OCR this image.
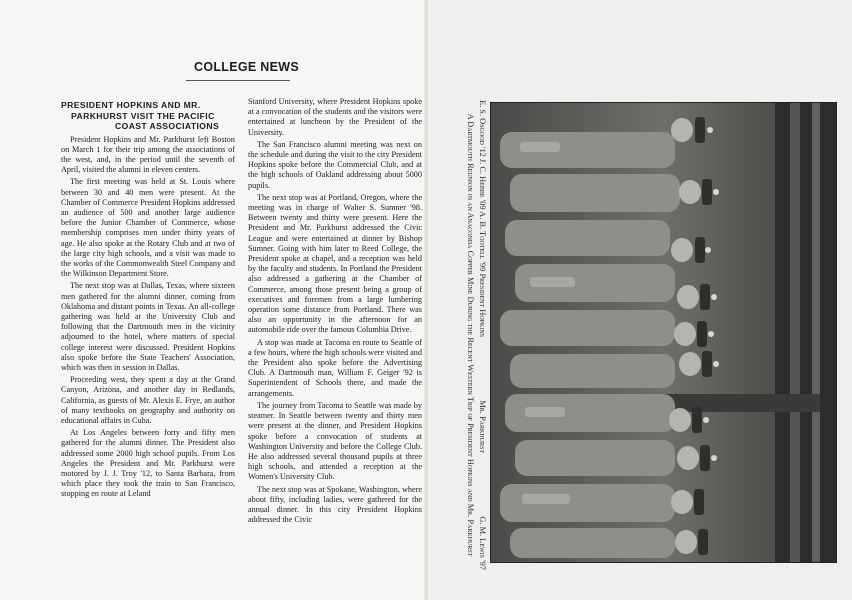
COLLEGE NEWS
PRESIDENT HOPKINS AND MR.
PARKHURST VISIT THE PACIFIC
COAST ASSOCIATIONS

President Hopkins and Mr. Parkhurst left Boston on March 1 for their trip among the associations of the west, and, in the period until the seventh of April, visited the alumni in eleven centers.

The first meeting was held at St. Louis where between 30 and 40 men were present. At the Chamber of Commerce President Hopkins addressed an audience of 500 and another large audience before the Junior Chamber of Commerce, whose membership comprises men under thirty years of age. He also spoke at the Rotary Club and at two of the large city high schools, and a visit was made to the works of the Commonwealth Steel Company and the Wilkinson Department Store.

The next stop was at Dallas, Texas, where sixteen men gathered for the alumni dinner, coming from Oklahoma and distant points in Texas. An all-college gathering was held at the University Club and following that the Dartmouth men in the vicinity adjourned to the hotel, where matters of special college interest were discussed. President Hopkins also spoke before the State Teachers' Association, which was then in session in Dallas.

Proceeding west, they spent a day at the Grand Canyon, Arizona, and another day in Redlands, California, as guests of Mr. Alexis E. Frye, an author of many textbooks on geography and authority on educational affairs in Cuba.

At Los Angeles between forty and fifty men gathered for the alumni dinner. The President also addressed some 2000 high school pupils. From Los Angeles the President and Mr. Parkhurst were motored by J. J. Troy '12, to Santa Barbara, from which place they took the train to San Francisco, stopping en route at Leland

Stanford University, where President Hopkins spoke at a convocation of the students and the visitors were entertained at luncheon by the President of the University.

The San Francisco alumni meeting was next on the schedule and during the visit to the city President Hopkins spoke before the Commercial Club, and at the high schools of Oakland addressing about 5000 pupils.

The next stop was at Portland, Oregon, where the meeting was in charge of Walter S. Sumner '98. Between twenty and thirty were present. Here the President and Mr. Parkhurst addressed the Civic League and were entertained at dinner by Bishop Sumner. Going with him later to Reed College, the President spoke at chapel, and a reception was held by the faculty and students. In Portland the President also addressed a gathering at the Chamber of Commerce, among those present being a group of executives and foremen from a large lumbering operation some distance from Portland. There was also an opportunity in the afternoon for an automobile ride over the famous Columbia Drive.

A stop was made at Tacoma en route to Seattle of a few hours, where the high schools were visited and the President also spoke before the Advertising Club. A Dartmouth man, William F. Geiger '92 is Superintendent of Schools there, and made the arrangements.

The journey from Tacoma to Seattle was made by steamer. In Seattle between twenty and thirty men were present at the dinner, and President Hopkins spoke before a convocation of students at Washington University and before the College Club. He also addressed several thousand pupils at three high schools, and attended a reception at the Women's University Club.

The next stop was at Spokane, Washington, where about fifty, including ladies, were gathered for the annual dinner. In this city President Hopkins addressed the Civic

E. S. Osgood '12 J. C. Hebbe '09 A. B. Tootell '99 President Hopkins
Mr. Parkhurst
G. M. Lewis '97
A Dartmouth Reunion in an Anaconda Copper Mine During the Recent Western Trip of President Hopkins and Mr. Parkhurst
